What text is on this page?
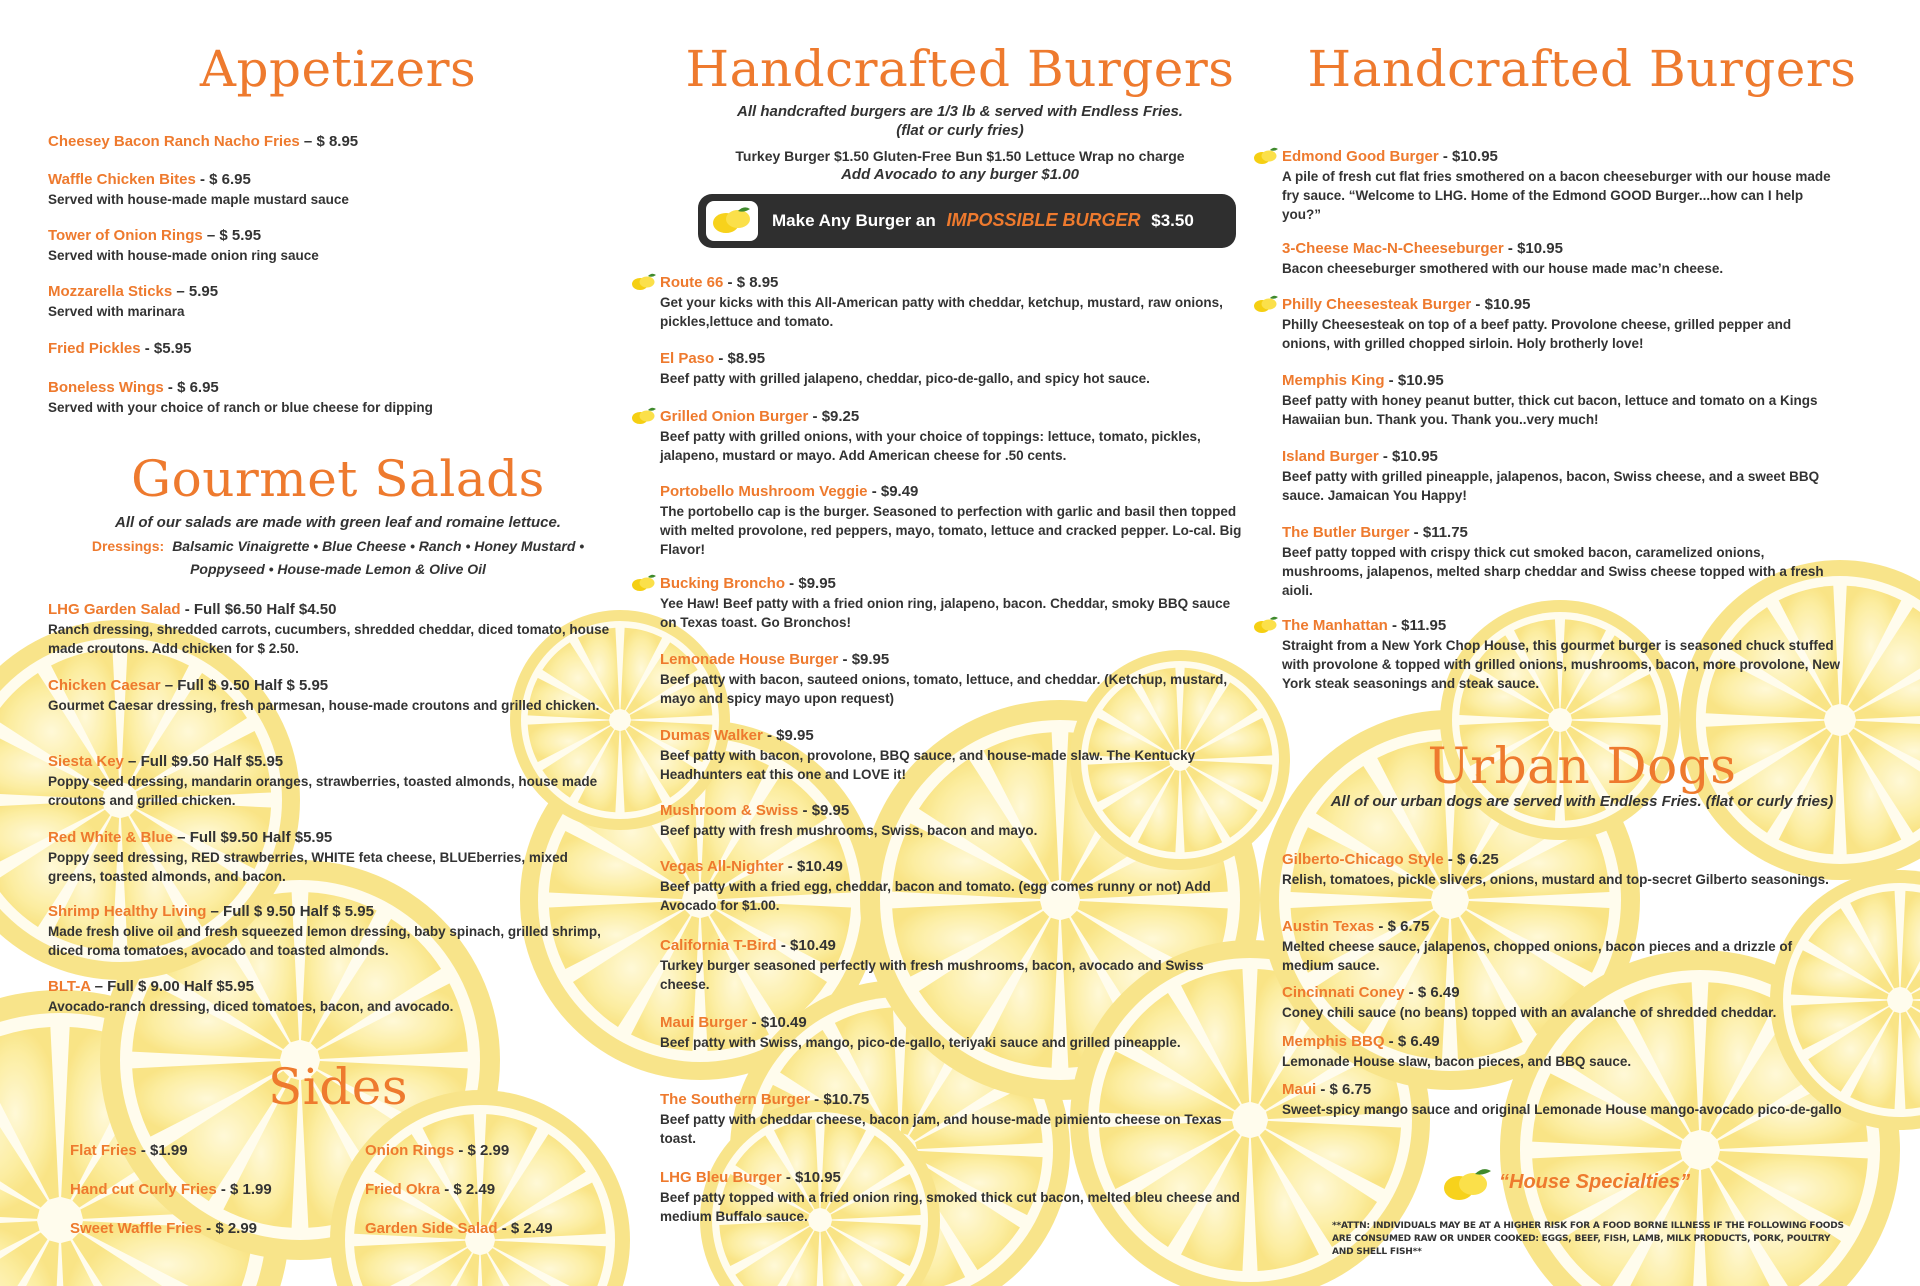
Appetizers
Cheesey Bacon Ranch Nacho Fries – $ 8.95
Waffle Chicken Bites - $ 6.95
Served with house-made maple mustard sauce
Tower of Onion Rings – $ 5.95
Served with house-made onion ring sauce
Mozzarella Sticks – 5.95
Served with marinara
Fried Pickles - $5.95
Boneless Wings - $ 6.95
Served with your choice of ranch or blue cheese for dipping
Gourmet Salads

All of our salads are made with green leaf and romaine lettuce.

Dressings: Balsamic Vinaigrette • Blue Cheese • Ranch • Honey Mustard •
Poppyseed • House-made Lemon & Olive Oil
LHG Garden Salad - Full $6.50 Half $4.50
Ranch dressing, shredded carrots, cucumbers, shredded cheddar, diced tomato, house made croutons. Add chicken for $ 2.50.
Chicken Caesar – Full $ 9.50 Half $ 5.95
Gourmet Caesar dressing, fresh parmesan, house-made croutons and grilled chicken.
Siesta Key – Full $9.50 Half $5.95
Poppy seed dressing, mandarin oranges, strawberries, toasted almonds, house made croutons and grilled chicken.
Red White & Blue – Full $9.50 Half $5.95
Poppy seed dressing, RED strawberries, WHITE feta cheese, BLUEberries, mixed greens, toasted almonds, and bacon.
Shrimp Healthy Living – Full $ 9.50 Half $ 5.95
Made fresh olive oil and fresh squeezed lemon dressing, baby spinach, grilled shrimp, diced roma tomatoes, avocado and toasted almonds.
BLT-A – Full $ 9.00 Half $5.95
Avocado-ranch dressing, diced tomatoes, bacon, and avocado.
Sides
Flat Fries - $1.99	Onion Rings - $ 2.99
Hand cut Curly Fries - $ 1.99	Fried Okra - $ 2.49
Sweet Waffle Fries - $ 2.99	Garden Side Salad - $ 2.49
Handcrafted Burgers

All handcrafted burgers are 1/3 lb & served with Endless Fries.

(flat or curly fries)

Turkey Burger $1.50 Gluten-Free Bun $1.50 Lettuce Wrap no charge

Add Avocado to any burger $1.00

Make Any Burger an IMPOSSIBLE BURGER $3.50
Route 66 - $ 8.95
Get your kicks with this All-American patty with cheddar, ketchup, mustard, raw onions, pickles,lettuce and tomato.
El Paso - $8.95
Beef patty with grilled jalapeno, cheddar, pico-de-gallo, and spicy hot sauce.
Grilled Onion Burger - $9.25
Beef patty with grilled onions, with your choice of toppings: lettuce, tomato, pickles, jalapeno, mustard or mayo. Add American cheese for .50 cents.
Portobello Mushroom Veggie - $9.49
The portobello cap is the burger. Seasoned to perfection with garlic and basil then topped with melted provolone, red peppers, mayo, tomato, lettuce and cracked pepper. Lo-cal. Big Flavor!
Bucking Broncho - $9.95
Yee Haw! Beef patty with a fried onion ring, jalapeno, bacon. Cheddar, smoky BBQ sauce on Texas toast. Go Bronchos!
Lemonade House Burger - $9.95
Beef patty with bacon, sauteed onions, tomato, lettuce, and cheddar. (Ketchup, mustard, mayo and spicy mayo upon request)
Dumas Walker - $9.95
Beef patty with bacon, provolone, BBQ sauce, and house-made slaw. The Kentucky Headhunters eat this one and LOVE it!
Mushroom & Swiss - $9.95
Beef patty with fresh mushrooms, Swiss, bacon and mayo.
Vegas All-Nighter - $10.49
Beef patty with a fried egg, cheddar, bacon and tomato. (egg comes runny or not) Add Avocado for $1.00.
California T-Bird - $10.49
Turkey burger seasoned perfectly with fresh mushrooms, bacon, avocado and Swiss cheese.
Maui Burger - $10.49
Beef patty with Swiss, mango, pico-de-gallo, teriyaki sauce and grilled pineapple.
The Southern Burger - $10.75
Beef patty with cheddar cheese, bacon jam, and house-made pimiento cheese on Texas toast.
LHG Bleu Burger - $10.95
Beef patty topped with a fried onion ring, smoked thick cut bacon, melted bleu cheese and medium Buffalo sauce.
Handcrafted Burgers
Edmond Good Burger - $10.95
A pile of fresh cut flat fries smothered on a bacon cheeseburger with our house made fry sauce. “Welcome to LHG. Home of the Edmond GOOD Burger...how can I help you?”
3-Cheese Mac-N-Cheeseburger - $10.95
Bacon cheeseburger smothered with our house made mac’n cheese.
Philly Cheesesteak Burger - $10.95
Philly Cheesesteak on top of a beef patty. Provolone cheese, grilled pepper and onions, with grilled chopped sirloin. Holy brotherly love!
Memphis King - $10.95
Beef patty with honey peanut butter, thick cut bacon, lettuce and tomato on a Kings Hawaiian bun. Thank you. Thank you..very much!
Island Burger - $10.95
Beef patty with grilled pineapple, jalapenos, bacon, Swiss cheese, and a sweet BBQ sauce. Jamaican You Happy!
The Butler Burger - $11.75
Beef patty topped with crispy thick cut smoked bacon, caramelized onions, mushrooms, jalapenos, melted sharp cheddar and Swiss cheese topped with a fresh aioli.
The Manhattan - $11.95
Straight from a New York Chop House, this gourmet burger is seasoned chuck stuffed with provolone & topped with grilled onions, mushrooms, bacon, more provolone, New York steak seasonings and steak sauce.
Urban Dogs

All of our urban dogs are served with Endless Fries. (flat or curly fries)

Gilberto-Chicago Style - $ 6.25
Relish, tomatoes, pickle slivers, onions, mustard and top-secret Gilberto seasonings.
Austin Texas - $ 6.75
Melted cheese sauce, jalapenos, chopped onions, bacon pieces and a drizzle of medium sauce.
Cincinnati Coney - $ 6.49
Coney chili sauce (no beans) topped with an avalanche of shredded cheddar.
Memphis BBQ - $ 6.49
Lemonade House slaw, bacon pieces, and BBQ sauce.
Maui - $ 6.75
Sweet-spicy mango sauce and original Lemonade House mango-avocado pico-de-gallo
“House Specialties”
**ATTN: INDIVIDUALS MAY BE AT A HIGHER RISK FOR A FOOD BORNE ILLNESS IF THE FOLLOWING FOODS ARE CONSUMED RAW OR UNDER COOKED: EGGS, BEEF, FISH, LAMB, MILK PRODUCTS, PORK, POULTRY AND SHELL FISH**
